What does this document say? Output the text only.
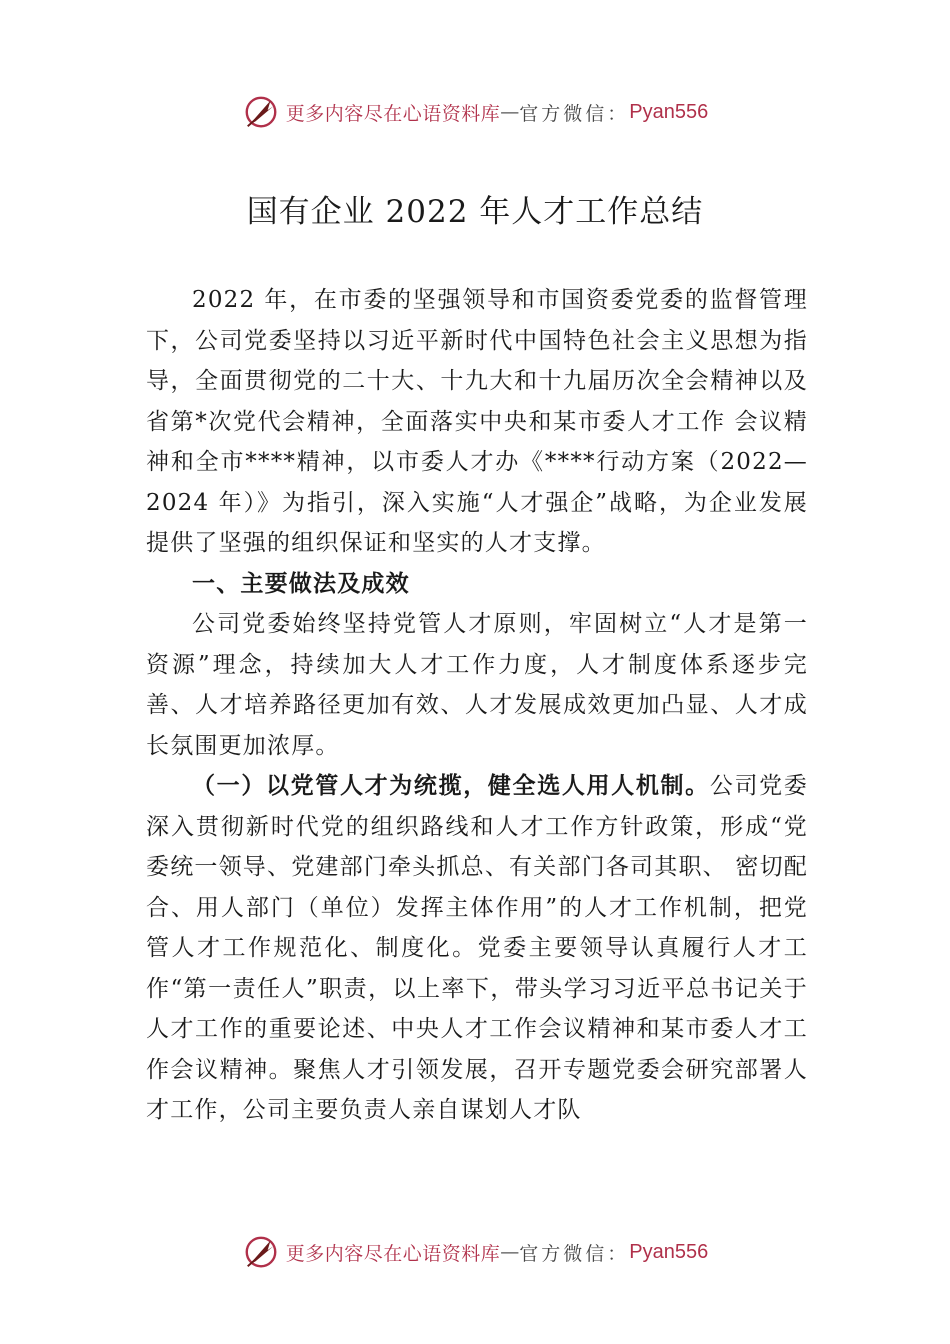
更多内容尽在心语资料库 — 官方微信： Pyan556
国有企业 2022 年人才工作总结

2022 年，在市委的坚强领导和市国资委党委的监督管理下，公司党委坚持以习近平新时代中国特色社会主义思想为指导，全面贯彻党的二十大、十九大和十九届历次全会精神以及省第*次党代会精神，全面落实中央和某市委人才工作 会议精神和全市****精神，以市委人才办《****行动方案（2022—2024 年）》为指引，深入实施“人才强企”战略，为企业发展提供了坚强的组织保证和坚实的人才支撑。

一、主要做法及成效

公司党委始终坚持党管人才原则，牢固树立“人才是第一资源”理念，持续加大人才工作力度，人才制度体系逐步完善、人才培养路径更加有效、人才发展成效更加凸显、人才成长氛围更加浓厚。

（一）以党管人才为统揽，健全选人用人机制。公司党委深入贯彻新时代党的组织路线和人才工作方针政策，形成“党委统一领导、党建部门牵头抓总、有关部门各司其职、 密切配合、用人部门（单位）发挥主体作用”的人才工作机制，把党管人才工作规范化、制度化。党委主要领导认真履行人才工作“第一责任人”职责，以上率下，带头学习习近平总书记关于人才工作的重要论述、中央人才工作会议精神和某市委人才工作会议精神。聚焦人才引领发展，召开专题党委会研究部署人才工作，公司主要负责人亲自谋划人才队

更多内容尽在心语资料库 — 官方微信： Pyan556
